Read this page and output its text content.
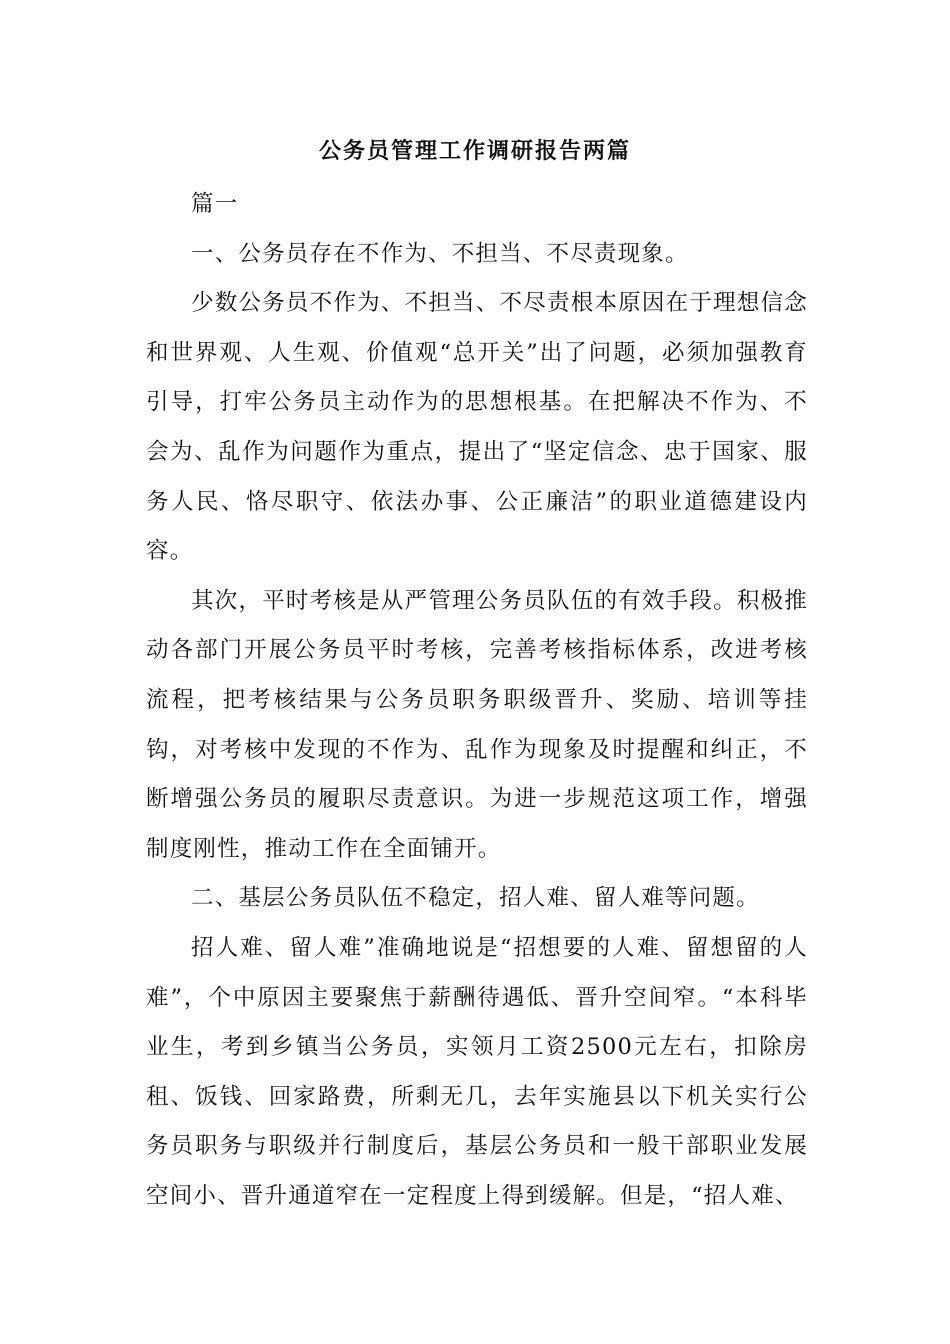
公务员管理工作调研报告两篇

篇一

一、公务员存在不作为、不担当、不尽责现象。

少数公务员不作为、不担当、不尽责根本原因在于理想信念和世界观、人生观、价值观“总开关”出了问题，必须加强教育引导，打牢公务员主动作为的思想根基。在把解决不作为、不会为、乱作为问题作为重点，提出了“坚定信念、忠于国家、服务人民、恪尽职守、依法办事、公正廉洁”的职业道德建设内容。

其次，平时考核是从严管理公务员队伍的有效手段。积极推动各部门开展公务员平时考核，完善考核指标体系，改进考核流程，把考核结果与公务员职务职级晋升、奖励、培训等挂钩，对考核中发现的不作为、乱作为现象及时提醒和纠正，不断增强公务员的履职尽责意识。为进一步规范这项工作，增强制度刚性，推动工作在全面铺开。

二、基层公务员队伍不稳定，招人难、留人难等问题。

招人难、留人难”准确地说是“招想要的人难、留想留的人难”，个中原因主要聚焦于薪酬待遇低、晋升空间窄。“本科毕业生，考到乡镇当公务员，实领月工资2500元左右，扣除房租、饭钱、回家路费，所剩无几，去年实施县以下机关实行公务员职务与职级并行制度后，基层公务员和一般干部职业发展空间小、晋升通道窄在一定程度上得到缓解。但是，“招人难、
